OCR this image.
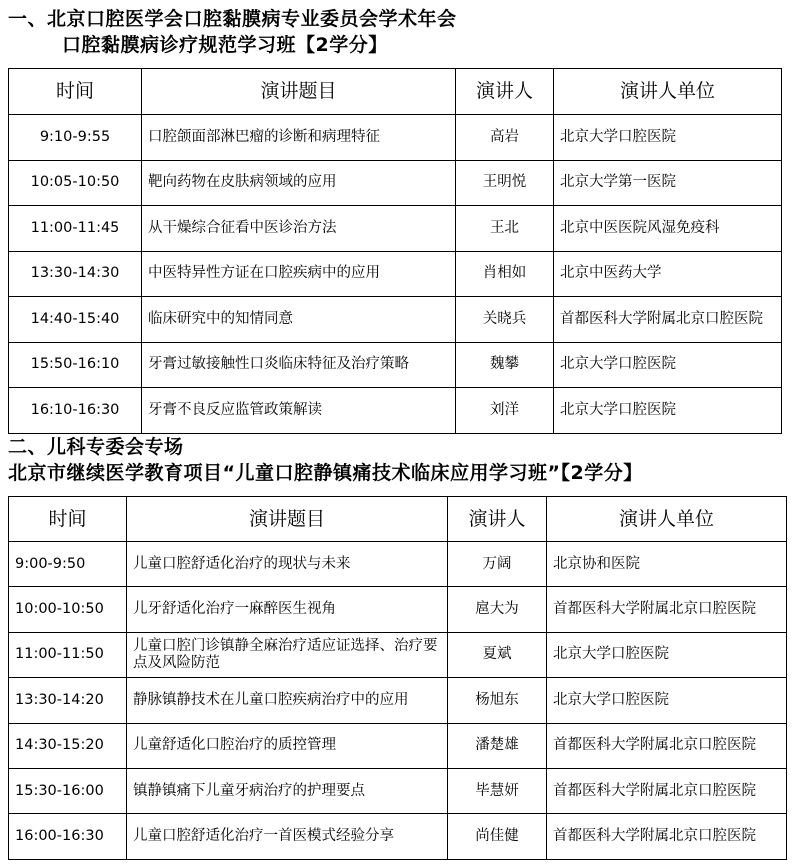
一、北京口腔医学会口腔黏膜病专业委员会学术年会
口腔黏膜病诊疗规范学习班【2学分】
时间	演讲题目	演讲人	演讲人单位
9:10-9:55	口腔颌面部淋巴瘤的诊断和病理特征	高岩	北京大学口腔医院
10:05-10:50	靶向药物在皮肤病领域的应用	王明悦	北京大学第一医院
11:00-11:45	从干燥综合征看中医诊治方法	王北	北京中医医院风湿免疫科
13:30-14:30	中医特异性方证在口腔疾病中的应用	肖相如	北京中医药大学
14:40-15:40	临床研究中的知情同意	关晓兵	首都医科大学附属北京口腔医院
15:50-16:10	牙膏过敏接触性口炎临床特征及治疗策略	魏攀	北京大学口腔医院
16:10-16:30	牙膏不良反应监管政策解读	刘洋	北京大学口腔医院
二、儿科专委会专场
北京市继续医学教育项目“儿童口腔静镇痛技术临床应用学习班”【2学分】
时间	演讲题目	演讲人	演讲人单位
9:00-9:50	儿童口腔舒适化治疗的现状与未来	万阔	北京协和医院
10:00-10:50	儿牙舒适化治疗一麻醉医生视角	扈大为	首都医科大学附属北京口腔医院
11:00-11:50	儿童口腔门诊镇静全麻治疗适应证选择、治疗要点及风险防范	夏斌	北京大学口腔医院
13:30-14:20	静脉镇静技术在儿童口腔疾病治疗中的应用	杨旭东	北京大学口腔医院
14:30-15:20	儿童舒适化口腔治疗的质控管理	潘楚雄	首都医科大学附属北京口腔医院
15:30-16:00	镇静镇痛下儿童牙病治疗的护理要点	毕慧妍	首都医科大学附属北京口腔医院
16:00-16:30	儿童口腔舒适化治疗一首医模式经验分享	尚佳健	首都医科大学附属北京口腔医院
